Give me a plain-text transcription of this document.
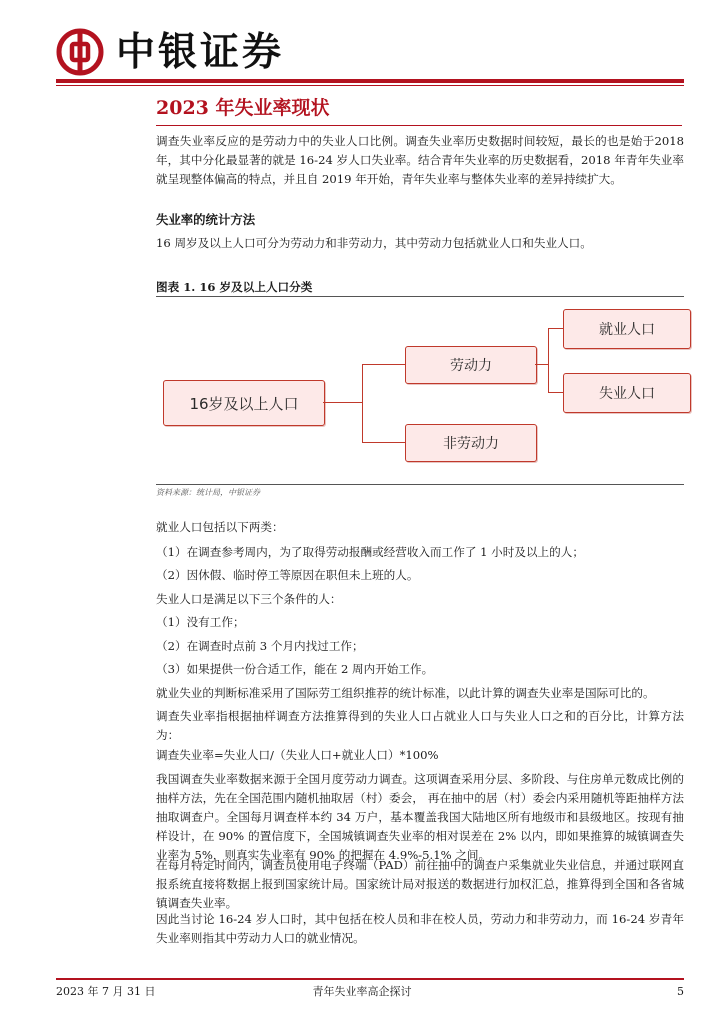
中银证券
2023 年失业率现状

调查失业率反应的是劳动力中的失业人口比例。调查失业率历史数据时间较短，最长的也是始于2018年，其中分化最显著的就是 16-24 岁人口失业率。结合青年失业率的历史数据看，2018 年青年失业率就呈现整体偏高的特点，并且自 2019 年开始，青年失业率与整体失业率的差异持续扩大。

失业率的统计方法
16 周岁及以上人口可分为劳动力和非劳动力，其中劳动力包括就业人口和失业人口。
图表 1. 16 岁及以上人口分类
16岁及以上人口
劳动力
非劳动力
就业人口
失业人口
资料来源：统计局，中银证券
就业人口包括以下两类：
（1）在调查参考周内，为了取得劳动报酬或经营收入而工作了 1 小时及以上的人；
（2）因休假、临时停工等原因在职但未上班的人。
失业人口是满足以下三个条件的人：
（1）没有工作；
（2）在调查时点前 3 个月内找过工作；
（3）如果提供一份合适工作，能在 2 周内开始工作。
就业失业的判断标准采用了国际劳工组织推荐的统计标准，以此计算的调查失业率是国际可比的。

调查失业率指根据抽样调查方法推算得到的失业人口占就业人口与失业人口之和的百分比，计算方法为：

调查失业率=失业人口/（失业人口+就业人口）*100%

我国调查失业率数据来源于全国月度劳动力调查。这项调查采用分层、多阶段、与住房单元数成比例的抽样方法，先在全国范围内随机抽取居（村）委会， 再在抽中的居（村）委会内采用随机等距抽样方法抽取调查户。全国每月调查样本约 34 万户，基本覆盖我国大陆地区所有地级市和县级地区。按现有抽样设计，在 90% 的置信度下，全国城镇调查失业率的相对误差在 2% 以内，即如果推算的城镇调查失业率为 5%，则真实失业率有 90% 的把握在 4.9%-5.1% 之间。

在每月特定时间内，调查员使用电子终端（PAD）前往抽中的调查户采集就业失业信息，并通过联网直报系统直接将数据上报到国家统计局。国家统计局对报送的数据进行加权汇总，推算得到全国和各省城镇调查失业率。

因此当讨论 16-24 岁人口时，其中包括在校人员和非在校人员，劳动力和非劳动力，而 16-24 岁青年失业率则指其中劳动力人口的就业情况。

2023 年 7 月 31 日	青年失业率高企探讨	5
